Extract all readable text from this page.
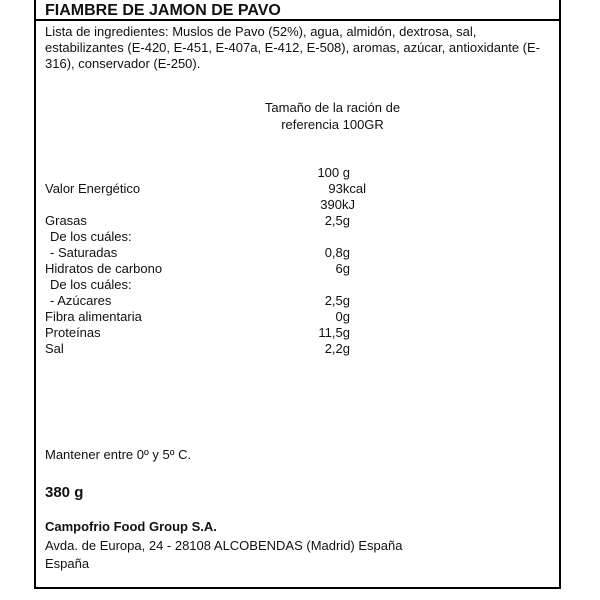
FIAMBRE DE JAMON DE PAVO
Lista de ingredientes: Muslos de Pavo (52%), agua, almidón, dextrosa, sal, estabilizantes (E-420, E-451, E-407a, E-412, E-508), aromas, azúcar, antioxidante (E-316), conservador (E-250).
Tamaño de la ración de
referencia 100GR
100 g
Valor Energético	93kcal
390kJ
Grasas	2,5g
De los cuáles:
- Saturadas	0,8g
Hidratos de carbono	6g
De los cuáles:
- Azúcares	2,5g
Fibra alimentaria	0g
Proteínas	11,5g
Sal	2,2g
Mantener entre 0º y 5º C.
380 g
Campofrio Food Group S.A.
Avda. de Europa, 24 - 28108 ALCOBENDAS (Madrid) España
España
